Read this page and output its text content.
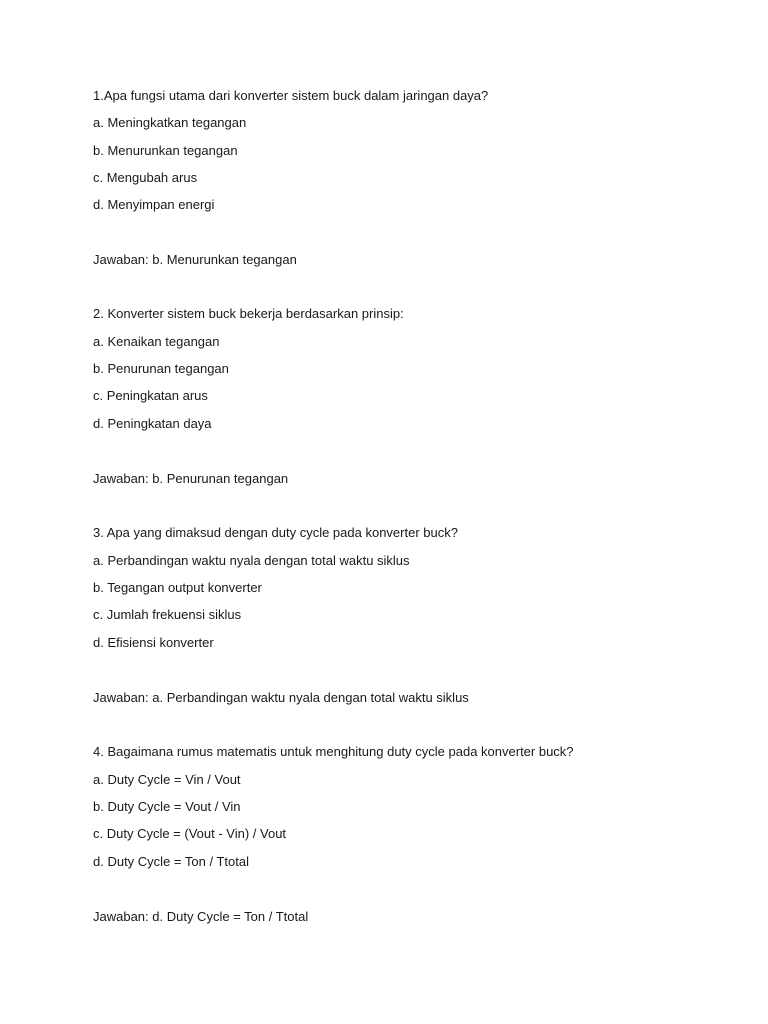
1.Apa fungsi utama dari konverter sistem buck dalam jaringan daya?
a. Meningkatkan tegangan
b. Menurunkan tegangan
c. Mengubah arus
d. Menyimpan energi
Jawaban: b. Menurunkan tegangan
2. Konverter sistem buck bekerja berdasarkan prinsip:
a. Kenaikan tegangan
b. Penurunan tegangan
c. Peningkatan arus
d. Peningkatan daya
Jawaban: b. Penurunan tegangan
3. Apa yang dimaksud dengan duty cycle pada konverter buck?
a. Perbandingan waktu nyala dengan total waktu siklus
b. Tegangan output konverter
c. Jumlah frekuensi siklus
d. Efisiensi konverter
Jawaban: a. Perbandingan waktu nyala dengan total waktu siklus
4. Bagaimana rumus matematis untuk menghitung duty cycle pada konverter buck?
a. Duty Cycle = Vin / Vout
b. Duty Cycle = Vout / Vin
c. Duty Cycle = (Vout - Vin) / Vout
d. Duty Cycle = Ton / Ttotal
Jawaban: d. Duty Cycle = Ton / Ttotal
